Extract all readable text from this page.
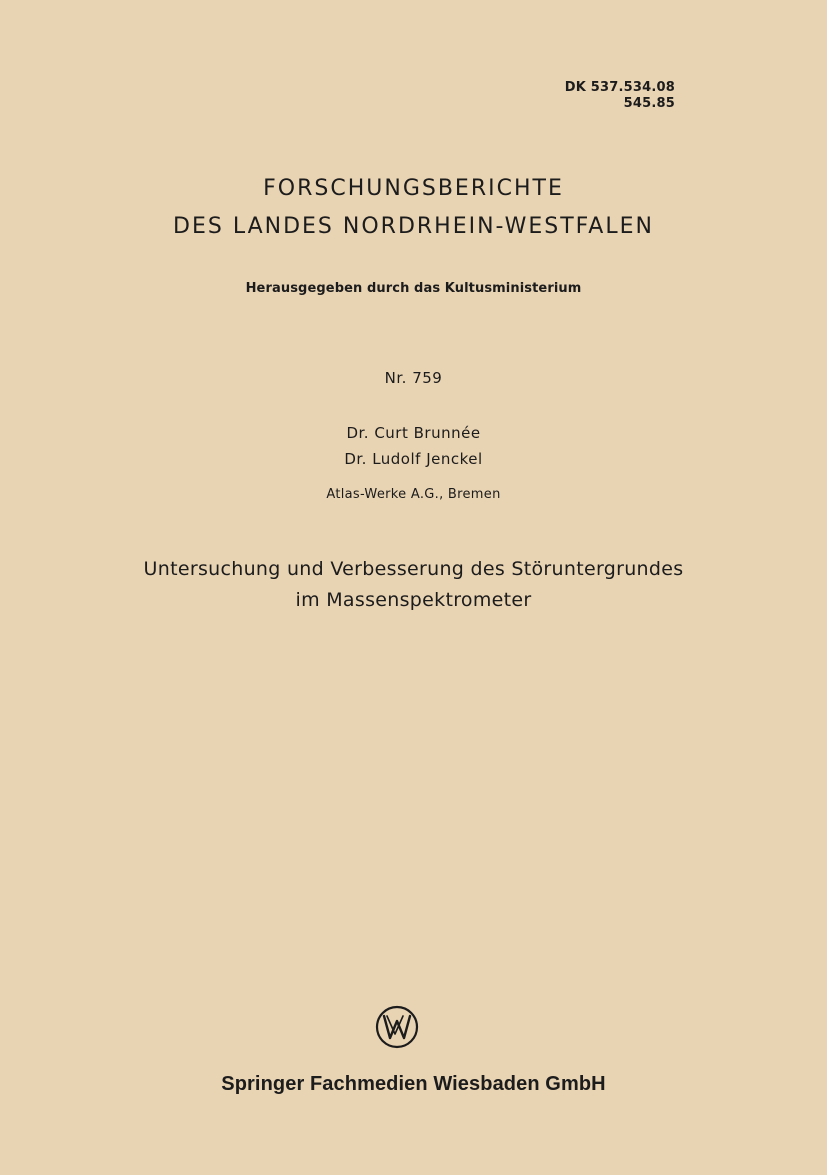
DK 537.534.08
545.85
FORSCHUNGSBERICHTE
DES LANDES NORDRHEIN-WESTFALEN
Herausgegeben durch das Kultusministerium
Nr. 759
Dr. Curt Brunnée
Dr. Ludolf Jenckel
Atlas-Werke A.G., Bremen
Untersuchung und Verbesserung des Störuntergrundes
im Massenspektrometer
Springer Fachmedien Wiesbaden GmbH
